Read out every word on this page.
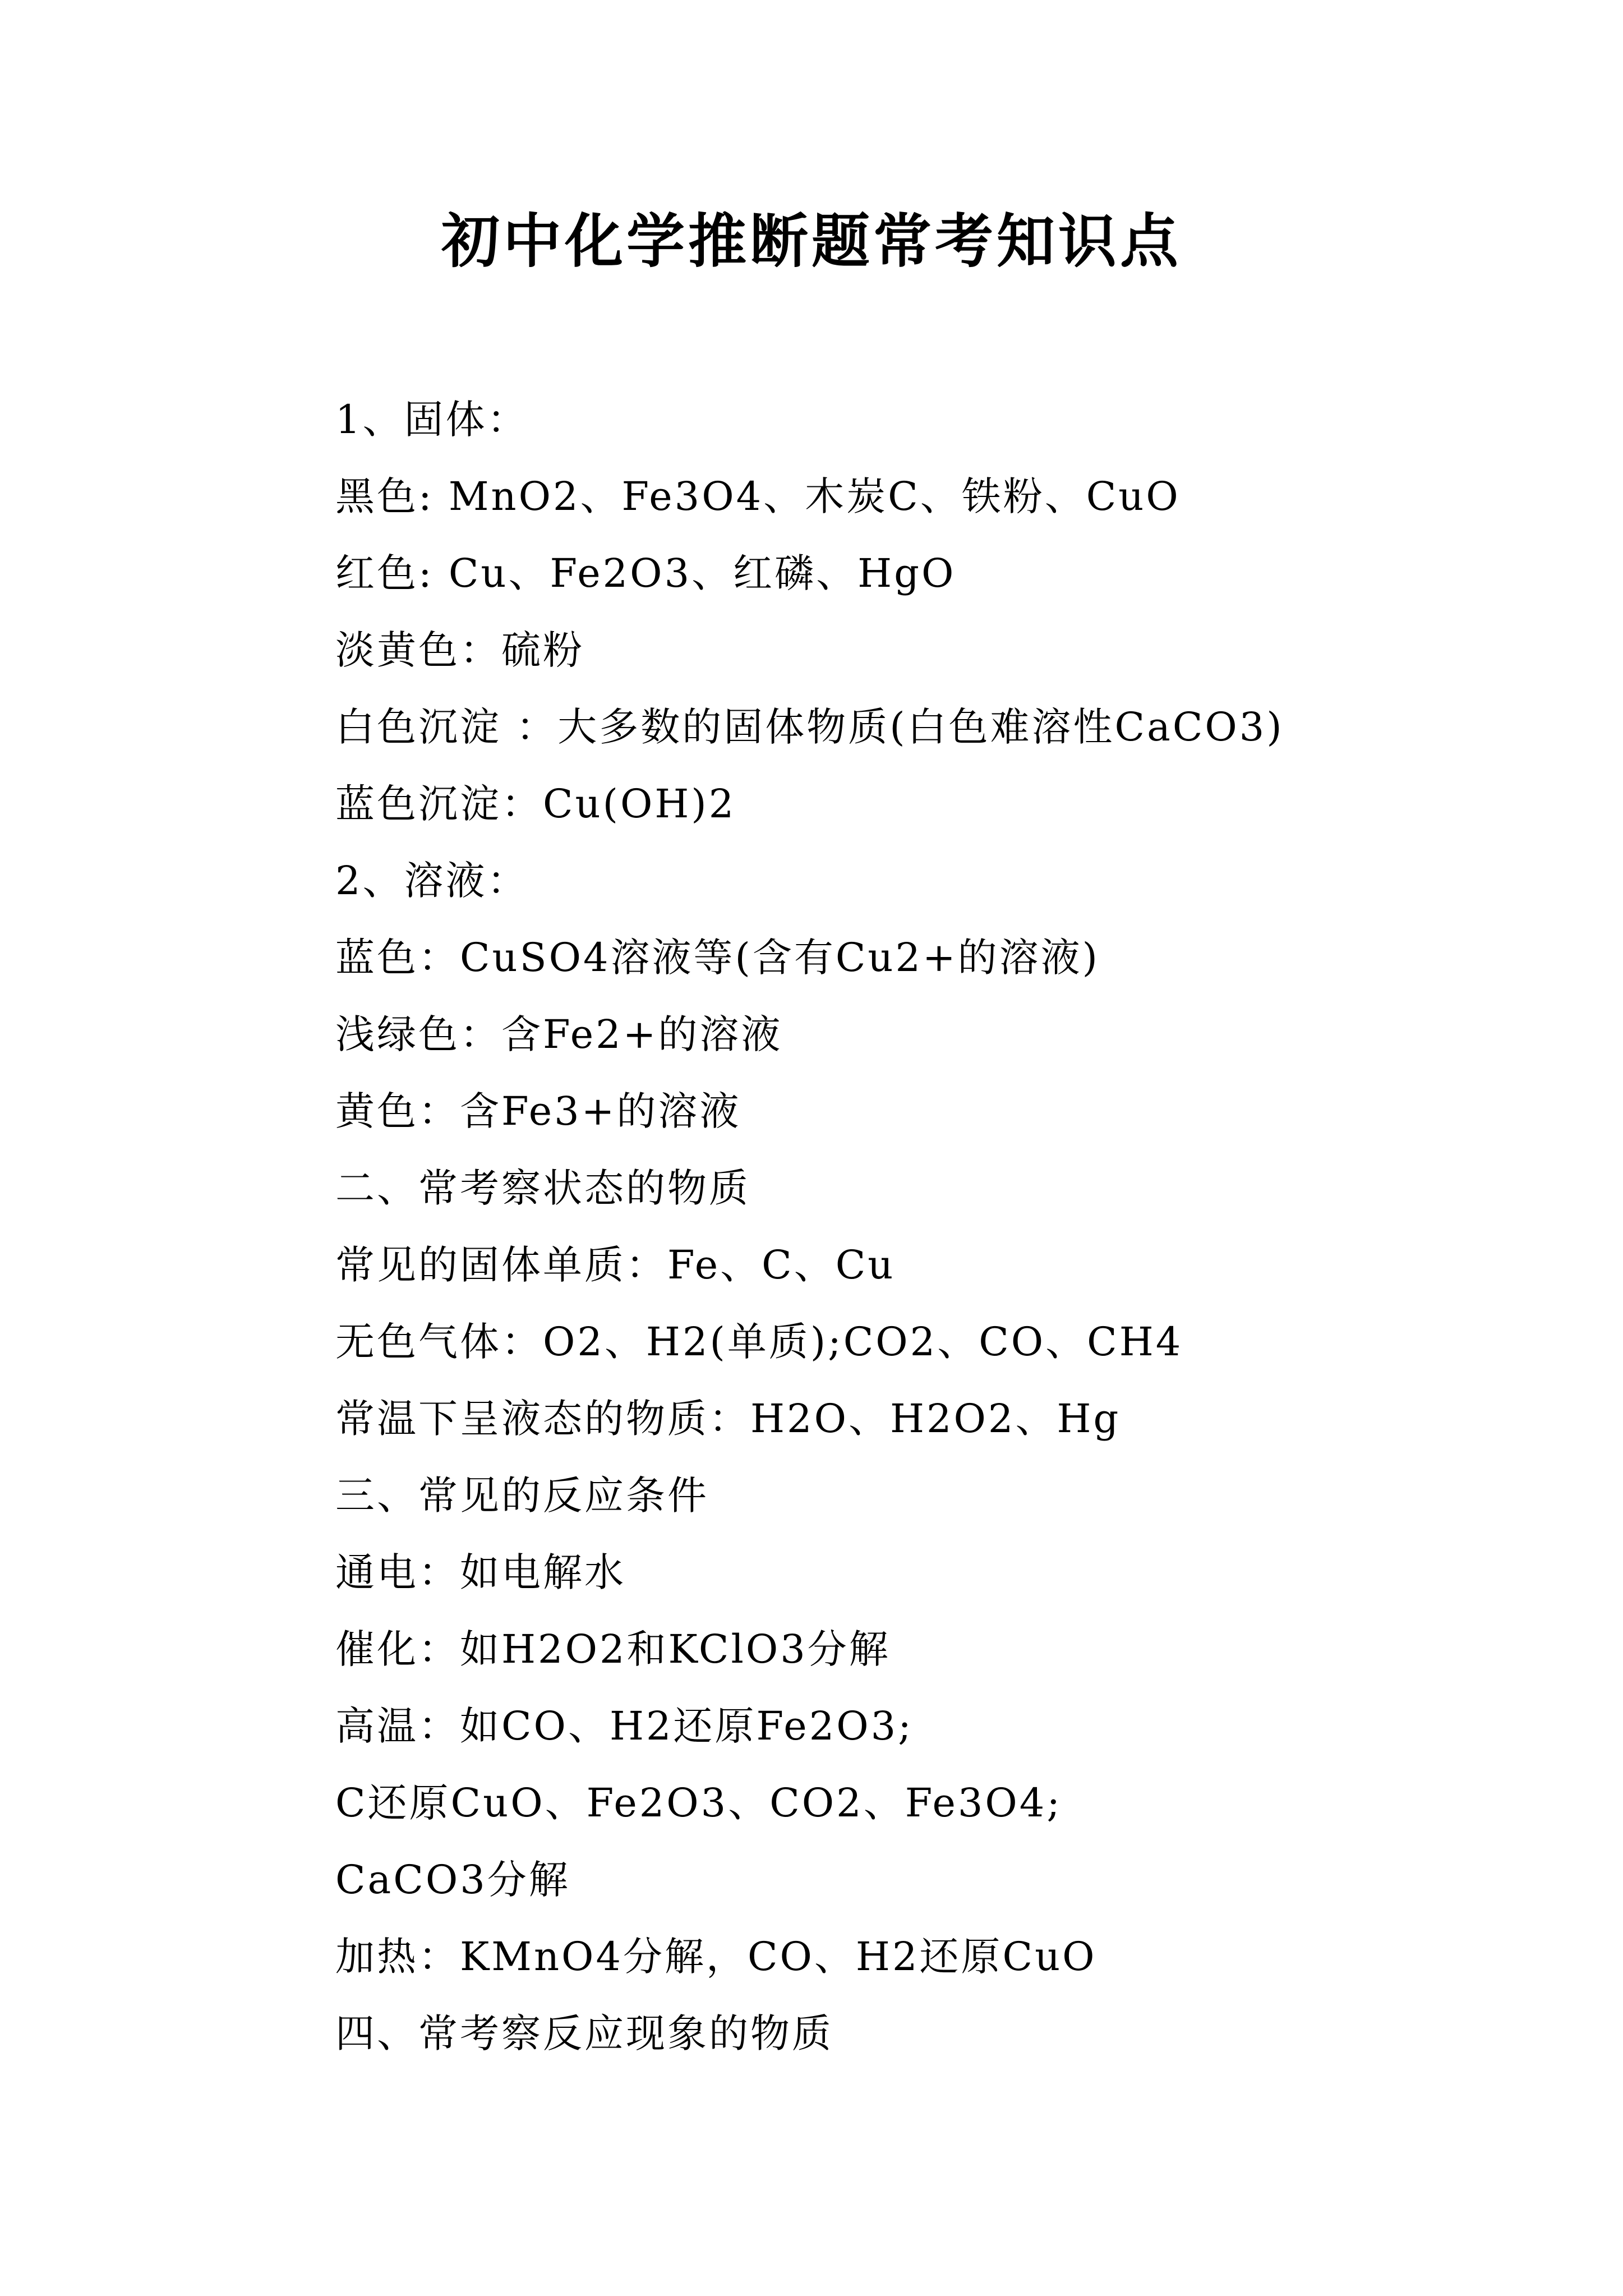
初中化学推断题常考知识点
1、固体：
黑色: MnO2、Fe3O4、木炭C、铁粉、CuO
红色: Cu、Fe2O3、红磷、HgO
淡黄色：硫粉
白色沉淀 ：大多数的固体物质(白色难溶性CaCO3)
蓝色沉淀：Cu(OH)2
2、溶液：
蓝色：CuSO4溶液等(含有Cu2+的溶液)
浅绿色：含Fe2+的溶液
黄色：含Fe3+的溶液
二、常考察状态的物质
常见的固体单质：Fe、C、Cu
无色气体：O2、H2(单质);CO2、CO、CH4
常温下呈液态的物质：H2O、H2O2、Hg
三、常见的反应条件
通电：如电解水
催化：如H2O2和KClO3分解
高温：如CO、H2还原Fe2O3;
C还原CuO、Fe2O3、CO2、Fe3O4;
CaCO3分解
加热：KMnO4分解，CO、H2还原CuO
四、常考察反应现象的物质
